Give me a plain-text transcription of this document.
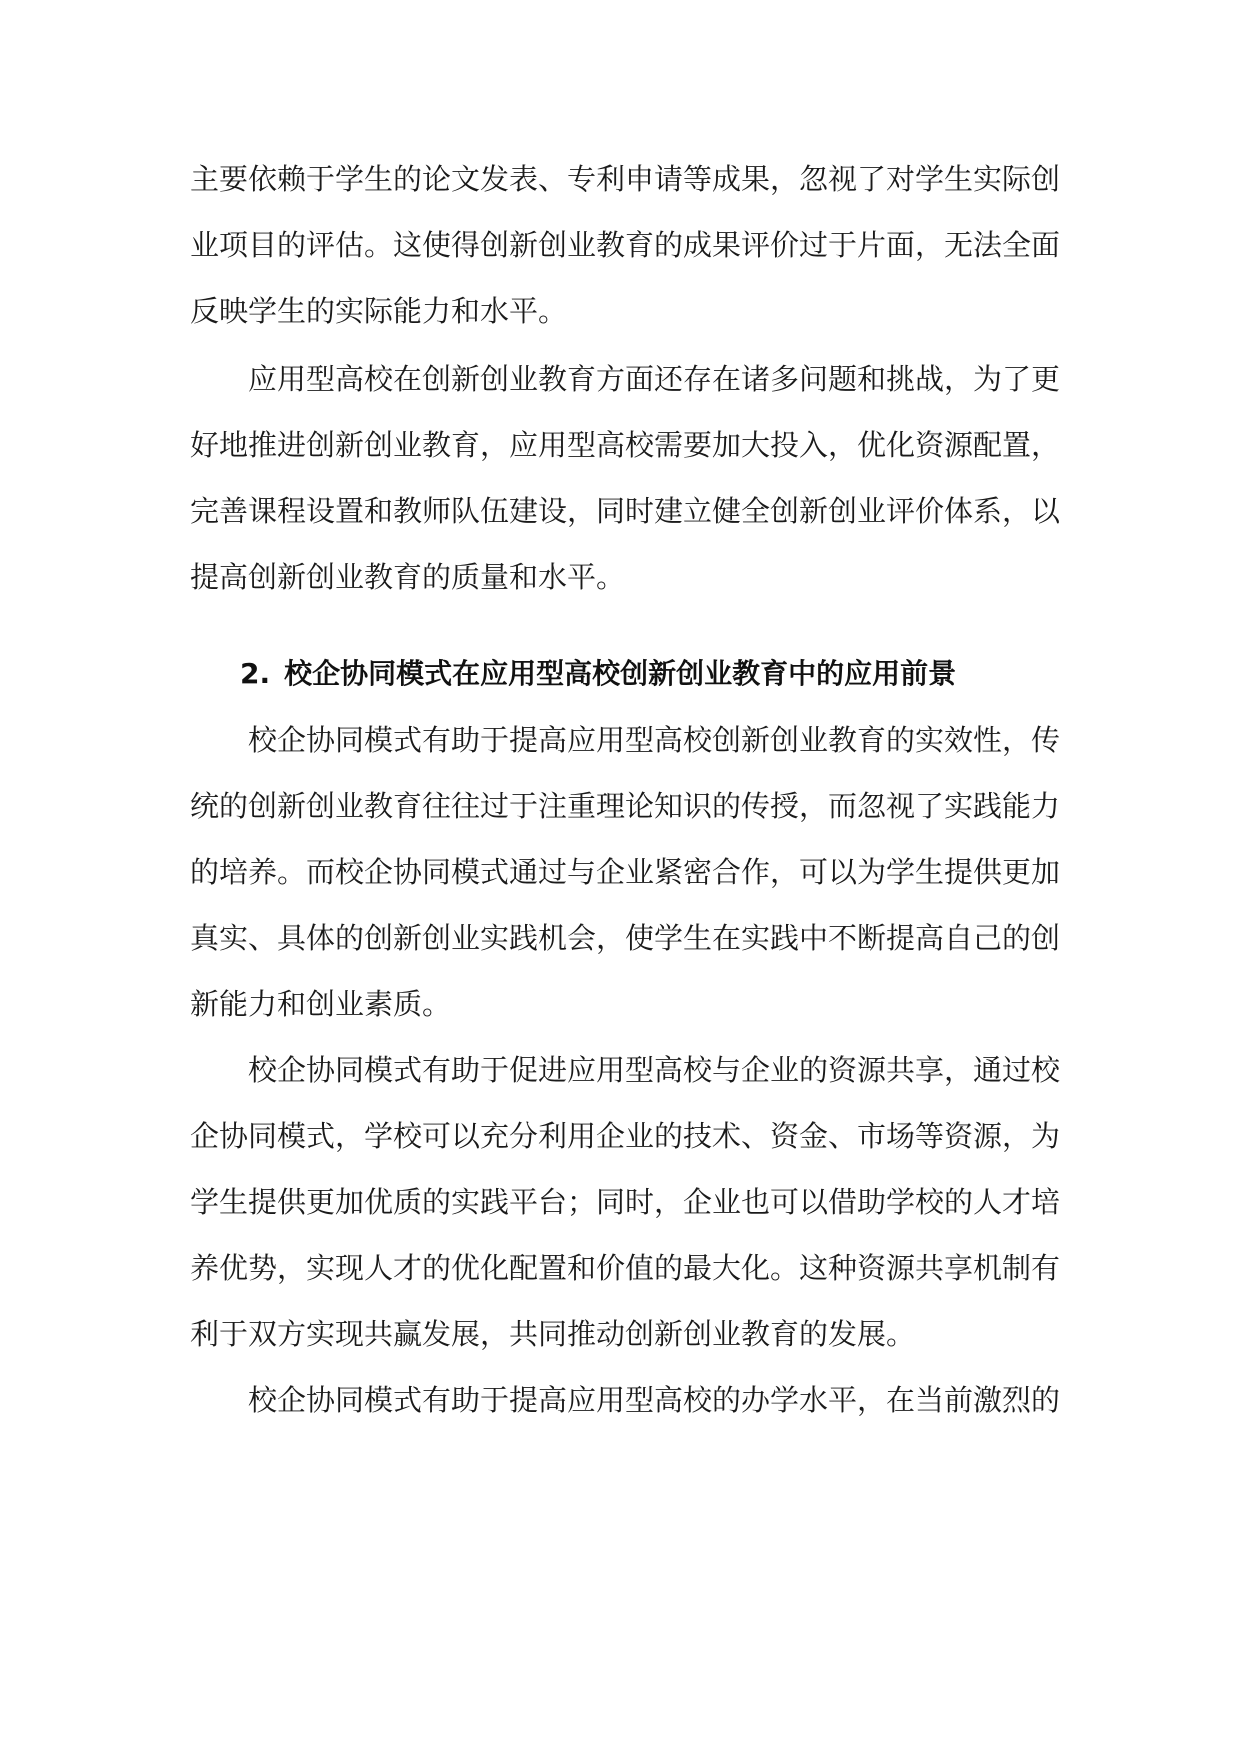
主要依赖于学生的论文发表、专利申请等成果，忽视了对学生实际创业项目的评估。这使得创新创业教育的成果评价过于片面，无法全面反映学生的实际能力和水平。

应用型高校在创新创业教育方面还存在诸多问题和挑战，为了更好地推进创新创业教育，应用型高校需要加大投入，优化资源配置，完善课程设置和教师队伍建设，同时建立健全创新创业评价体系，以提高创新创业教育的质量和水平。

2. 校企协同模式在应用型高校创新创业教育中的应用前景

校企协同模式有助于提高应用型高校创新创业教育的实效性，传统的创新创业教育往往过于注重理论知识的传授，而忽视了实践能力的培养。而校企协同模式通过与企业紧密合作，可以为学生提供更加真实、具体的创新创业实践机会，使学生在实践中不断提高自己的创新能力和创业素质。

校企协同模式有助于促进应用型高校与企业的资源共享，通过校企协同模式，学校可以充分利用企业的技术、资金、市场等资源，为学生提供更加优质的实践平台；同时，企业也可以借助学校的人才培养优势，实现人才的优化配置和价值的最大化。这种资源共享机制有利于双方实现共赢发展，共同推动创新创业教育的发展。

校企协同模式有助于提高应用型高校的办学水平，在当前激烈的
